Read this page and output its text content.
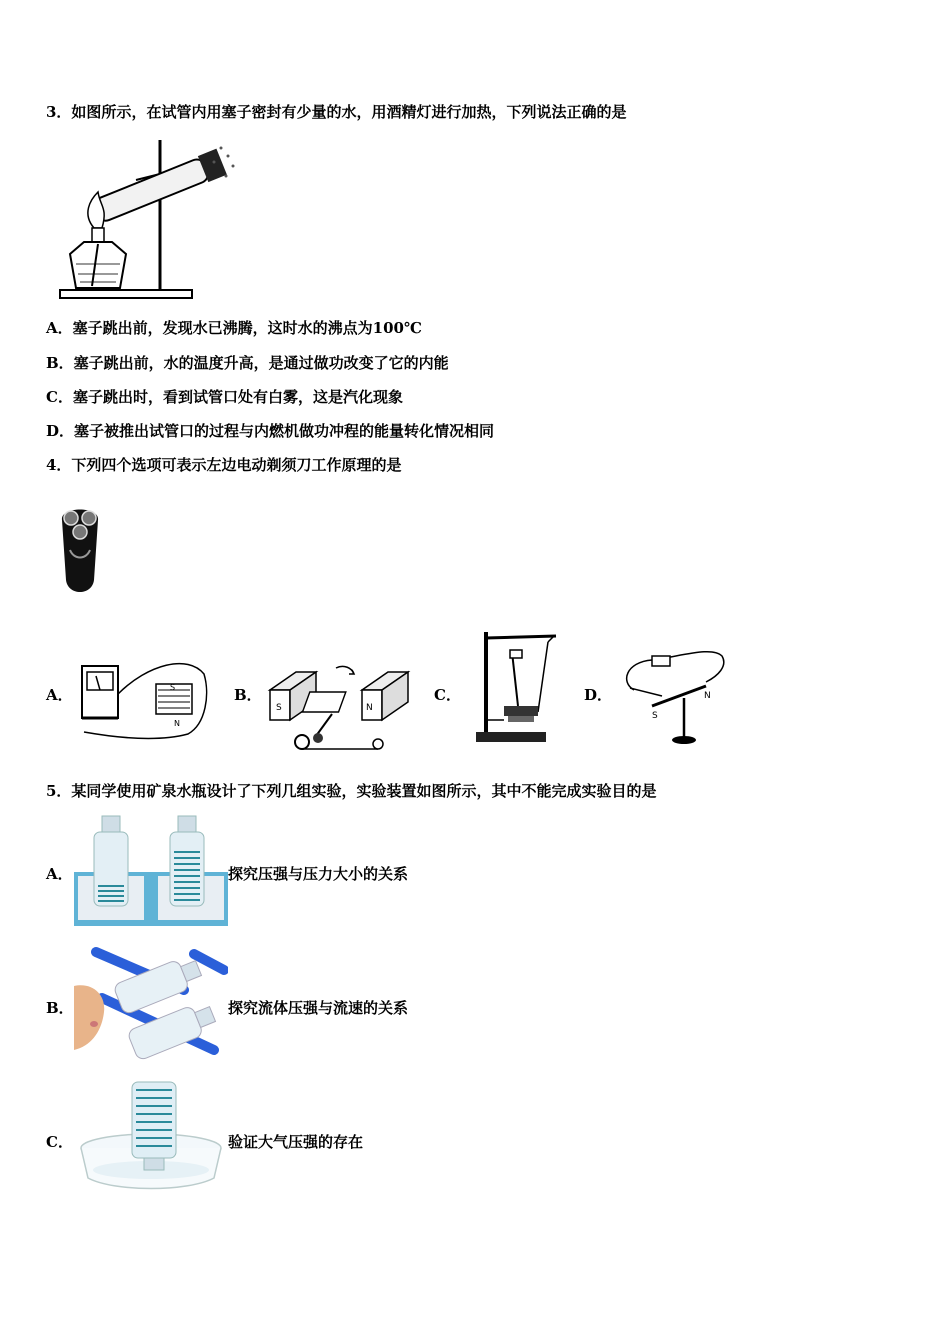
3．如图所示，在试管内用塞子密封有少量的水，用酒精灯进行加热，下列说法正确的是
A．塞子跳出前，发现水已沸腾，这时水的沸点为100℃
B．塞子跳出前，水的温度升高，是通过做功改变了它的内能
C．塞子跳出时，看到试管口处有白雾，这是汽化现象
D．塞子被推出试管口的过程与内燃机做功冲程的能量转化情况相同
4．下列四个选项可表示左边电动剃须刀工作原理的是
A．	S
N
B．
S	N
C．	D．	N
S
5．某同学使用矿泉水瓶设计了下列几组实验，实验装置如图所示，其中不能完成实验目的是
A．	探究压强与压力大小的关系
B．	探究流体压强与流速的关系
C．	验证大气压强的存在
